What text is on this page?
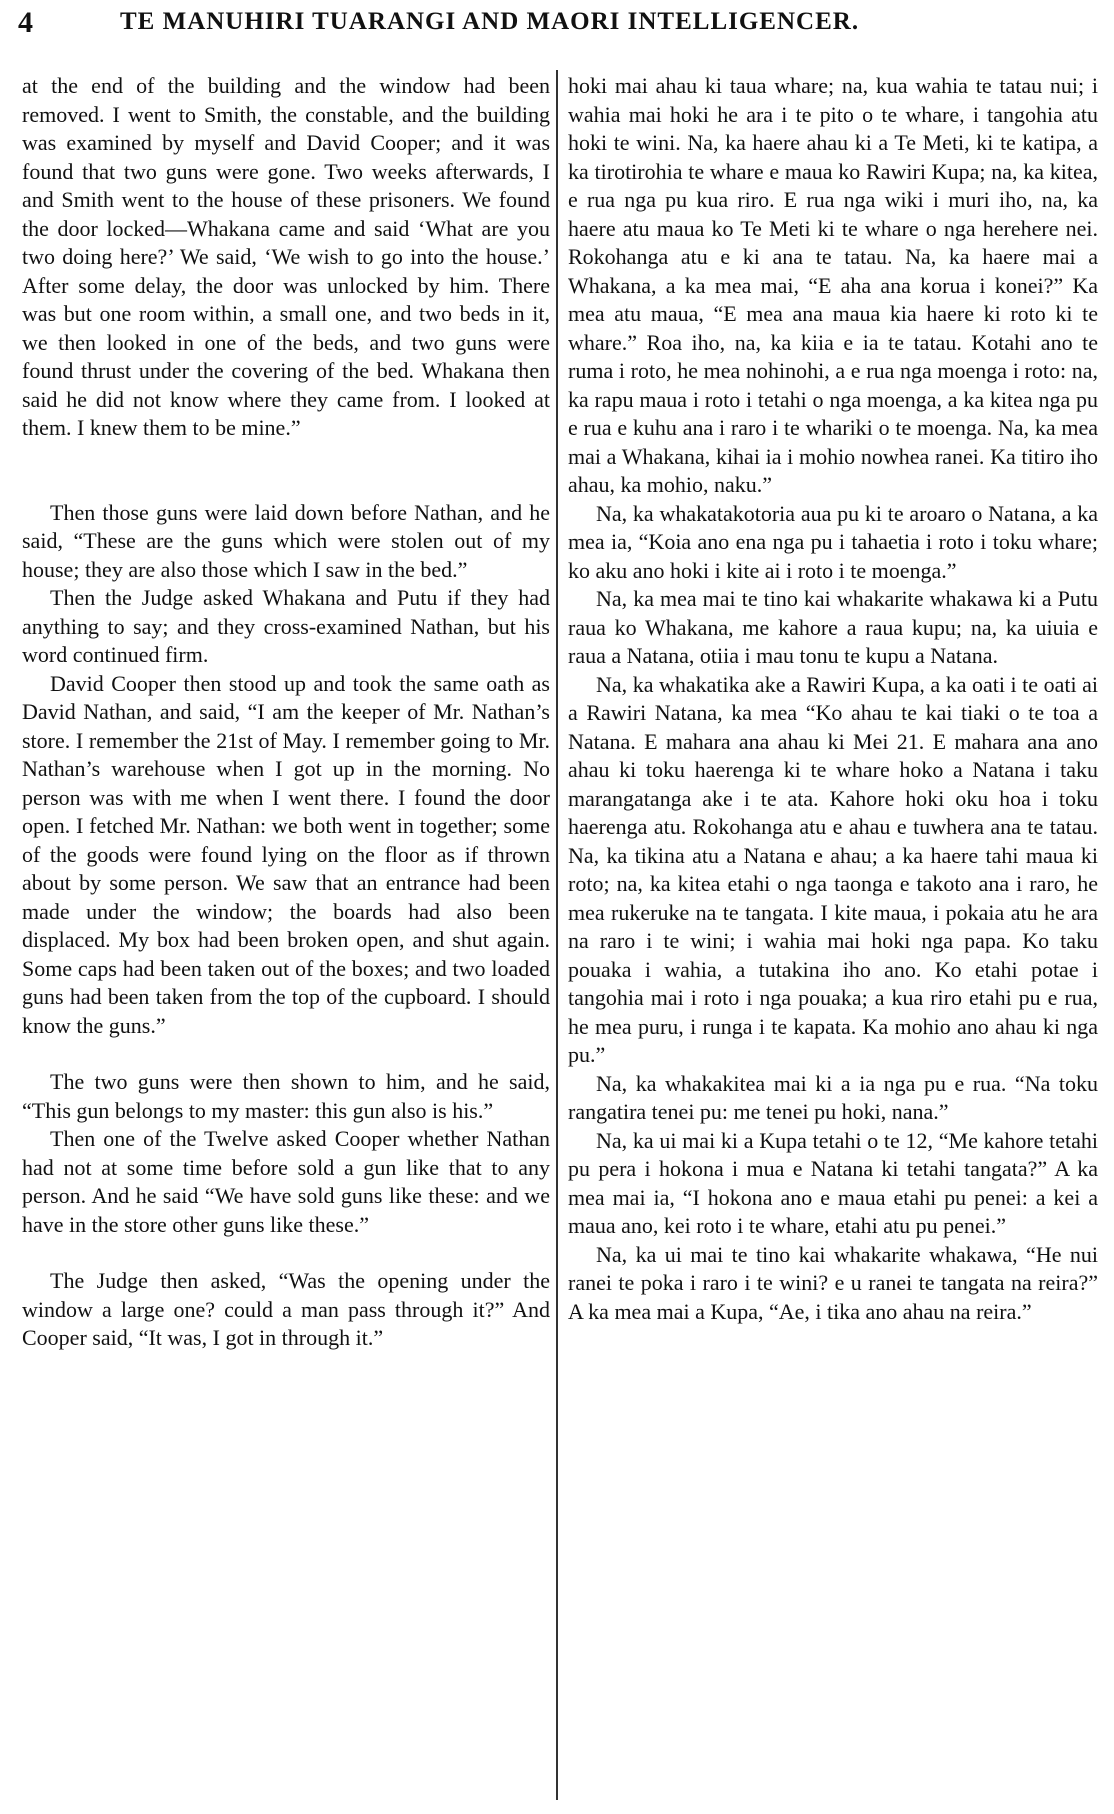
4	TE MANUHIRI TUARANGI AND MAORI INTELLIGENCER.

at the end of the building and the window had been removed. I went to Smith, the constable, and the building was examined by myself and David Cooper; and it was found that two guns were gone. Two weeks afterwards, I and Smith went to the house of these prisoners. We found the door locked—Whakana came and said ‘What are you two doing here?’ We said, ‘We wish to go into the house.’ After some delay, the door was unlocked by him. There was but one room within, a small one, and two beds in it, we then looked in one of the beds, and two guns were found thrust under the covering of the bed. Whakana then said he did not know where they came from. I looked at them. I knew them to be mine.”

Then those guns were laid down before Nathan, and he said, “These are the guns which were stolen out of my house; they are also those which I saw in the bed.”

Then the Judge asked Whakana and Putu if they had anything to say; and they cross-examined Nathan, but his word continued firm.

David Cooper then stood up and took the same oath as David Nathan, and said, “I am the keeper of Mr. Nathan’s store. I remember the 21st of May. I remember going to Mr. Nathan’s warehouse when I got up in the morning. No person was with me when I went there. I found the door open. I fetched Mr. Nathan: we both went in together; some of the goods were found lying on the floor as if thrown about by some person. We saw that an entrance had been made under the window; the boards had also been displaced. My box had been broken open, and shut again. Some caps had been taken out of the boxes; and two loaded guns had been taken from the top of the cupboard. I should know the guns.”

The two guns were then shown to him, and he said, “This gun belongs to my master: this gun also is his.”

Then one of the Twelve asked Cooper whether Nathan had not at some time before sold a gun like that to any person. And he said “We have sold guns like these: and we have in the store other guns like these.”

The Judge then asked, “Was the opening under the window a large one? could a man pass through it?” And Cooper said, “It was, I got in through it.”

hoki mai ahau ki taua whare; na, kua wahia te tatau nui; i wahia mai hoki he ara i te pito o te whare, i tangohia atu hoki te wini. Na, ka haere ahau ki a Te Meti, ki te katipa, a ka tirotirohia te whare e maua ko Rawiri Kupa; na, ka kitea, e rua nga pu kua riro. E rua nga wiki i muri iho, na, ka haere atu maua ko Te Meti ki te whare o nga herehere nei. Rokohanga atu e ki ana te tatau. Na, ka haere mai a Whakana, a ka mea mai, “E aha ana korua i konei?” Ka mea atu maua, “E mea ana maua kia haere ki roto ki te whare.” Roa iho, na, ka kiia e ia te tatau. Kotahi ano te ruma i roto, he mea nohinohi, a e rua nga moenga i roto: na, ka rapu maua i roto i tetahi o nga moenga, a ka kitea nga pu e rua e kuhu ana i raro i te whariki o te moenga. Na, ka mea mai a Whakana, kihai ia i mohio nowhea ranei. Ka titiro iho ahau, ka mohio, naku.”

Na, ka whakatakotoria aua pu ki te aroaro o Natana, a ka mea ia, “Koia ano ena nga pu i tahaetia i roto i toku whare; ko aku ano hoki i kite ai i roto i te moenga.”

Na, ka mea mai te tino kai whakarite whakawa ki a Putu raua ko Whakana, me kahore a raua kupu; na, ka uiuia e raua a Natana, otiia i mau tonu te kupu a Natana.

Na, ka whakatika ake a Rawiri Kupa, a ka oati i te oati ai a Rawiri Natana, ka mea “Ko ahau te kai tiaki o te toa a Natana. E mahara ana ahau ki Mei 21. E mahara ana ano ahau ki toku haerenga ki te whare hoko a Natana i taku marangatanga ake i te ata. Kahore hoki oku hoa i toku haerenga atu. Rokohanga atu e ahau e tuwhera ana te tatau. Na, ka tikina atu a Natana e ahau; a ka haere tahi maua ki roto; na, ka kitea etahi o nga taonga e takoto ana i raro, he mea rukeruke na te tangata. I kite maua, i pokaia atu he ara na raro i te wini; i wahia mai hoki nga papa. Ko taku pouaka i wahia, a tutakina iho ano. Ko etahi potae i tangohia mai i roto i nga pouaka; a kua riro etahi pu e rua, he mea puru, i runga i te kapata. Ka mohio ano ahau ki nga pu.”

Na, ka whakakitea mai ki a ia nga pu e rua. “Na toku rangatira tenei pu: me tenei pu hoki, nana.”

Na, ka ui mai ki a Kupa tetahi o te 12, “Me kahore tetahi pu pera i hokona i mua e Natana ki tetahi tangata?” A ka mea mai ia, “I hokona ano e maua etahi pu penei: a kei a maua ano, kei roto i te whare, etahi atu pu penei.”

Na, ka ui mai te tino kai whakarite whakawa, “He nui ranei te poka i raro i te wini? e u ranei te tangata na reira?” A ka mea mai a Kupa, “Ae, i tika ano ahau na reira.”
